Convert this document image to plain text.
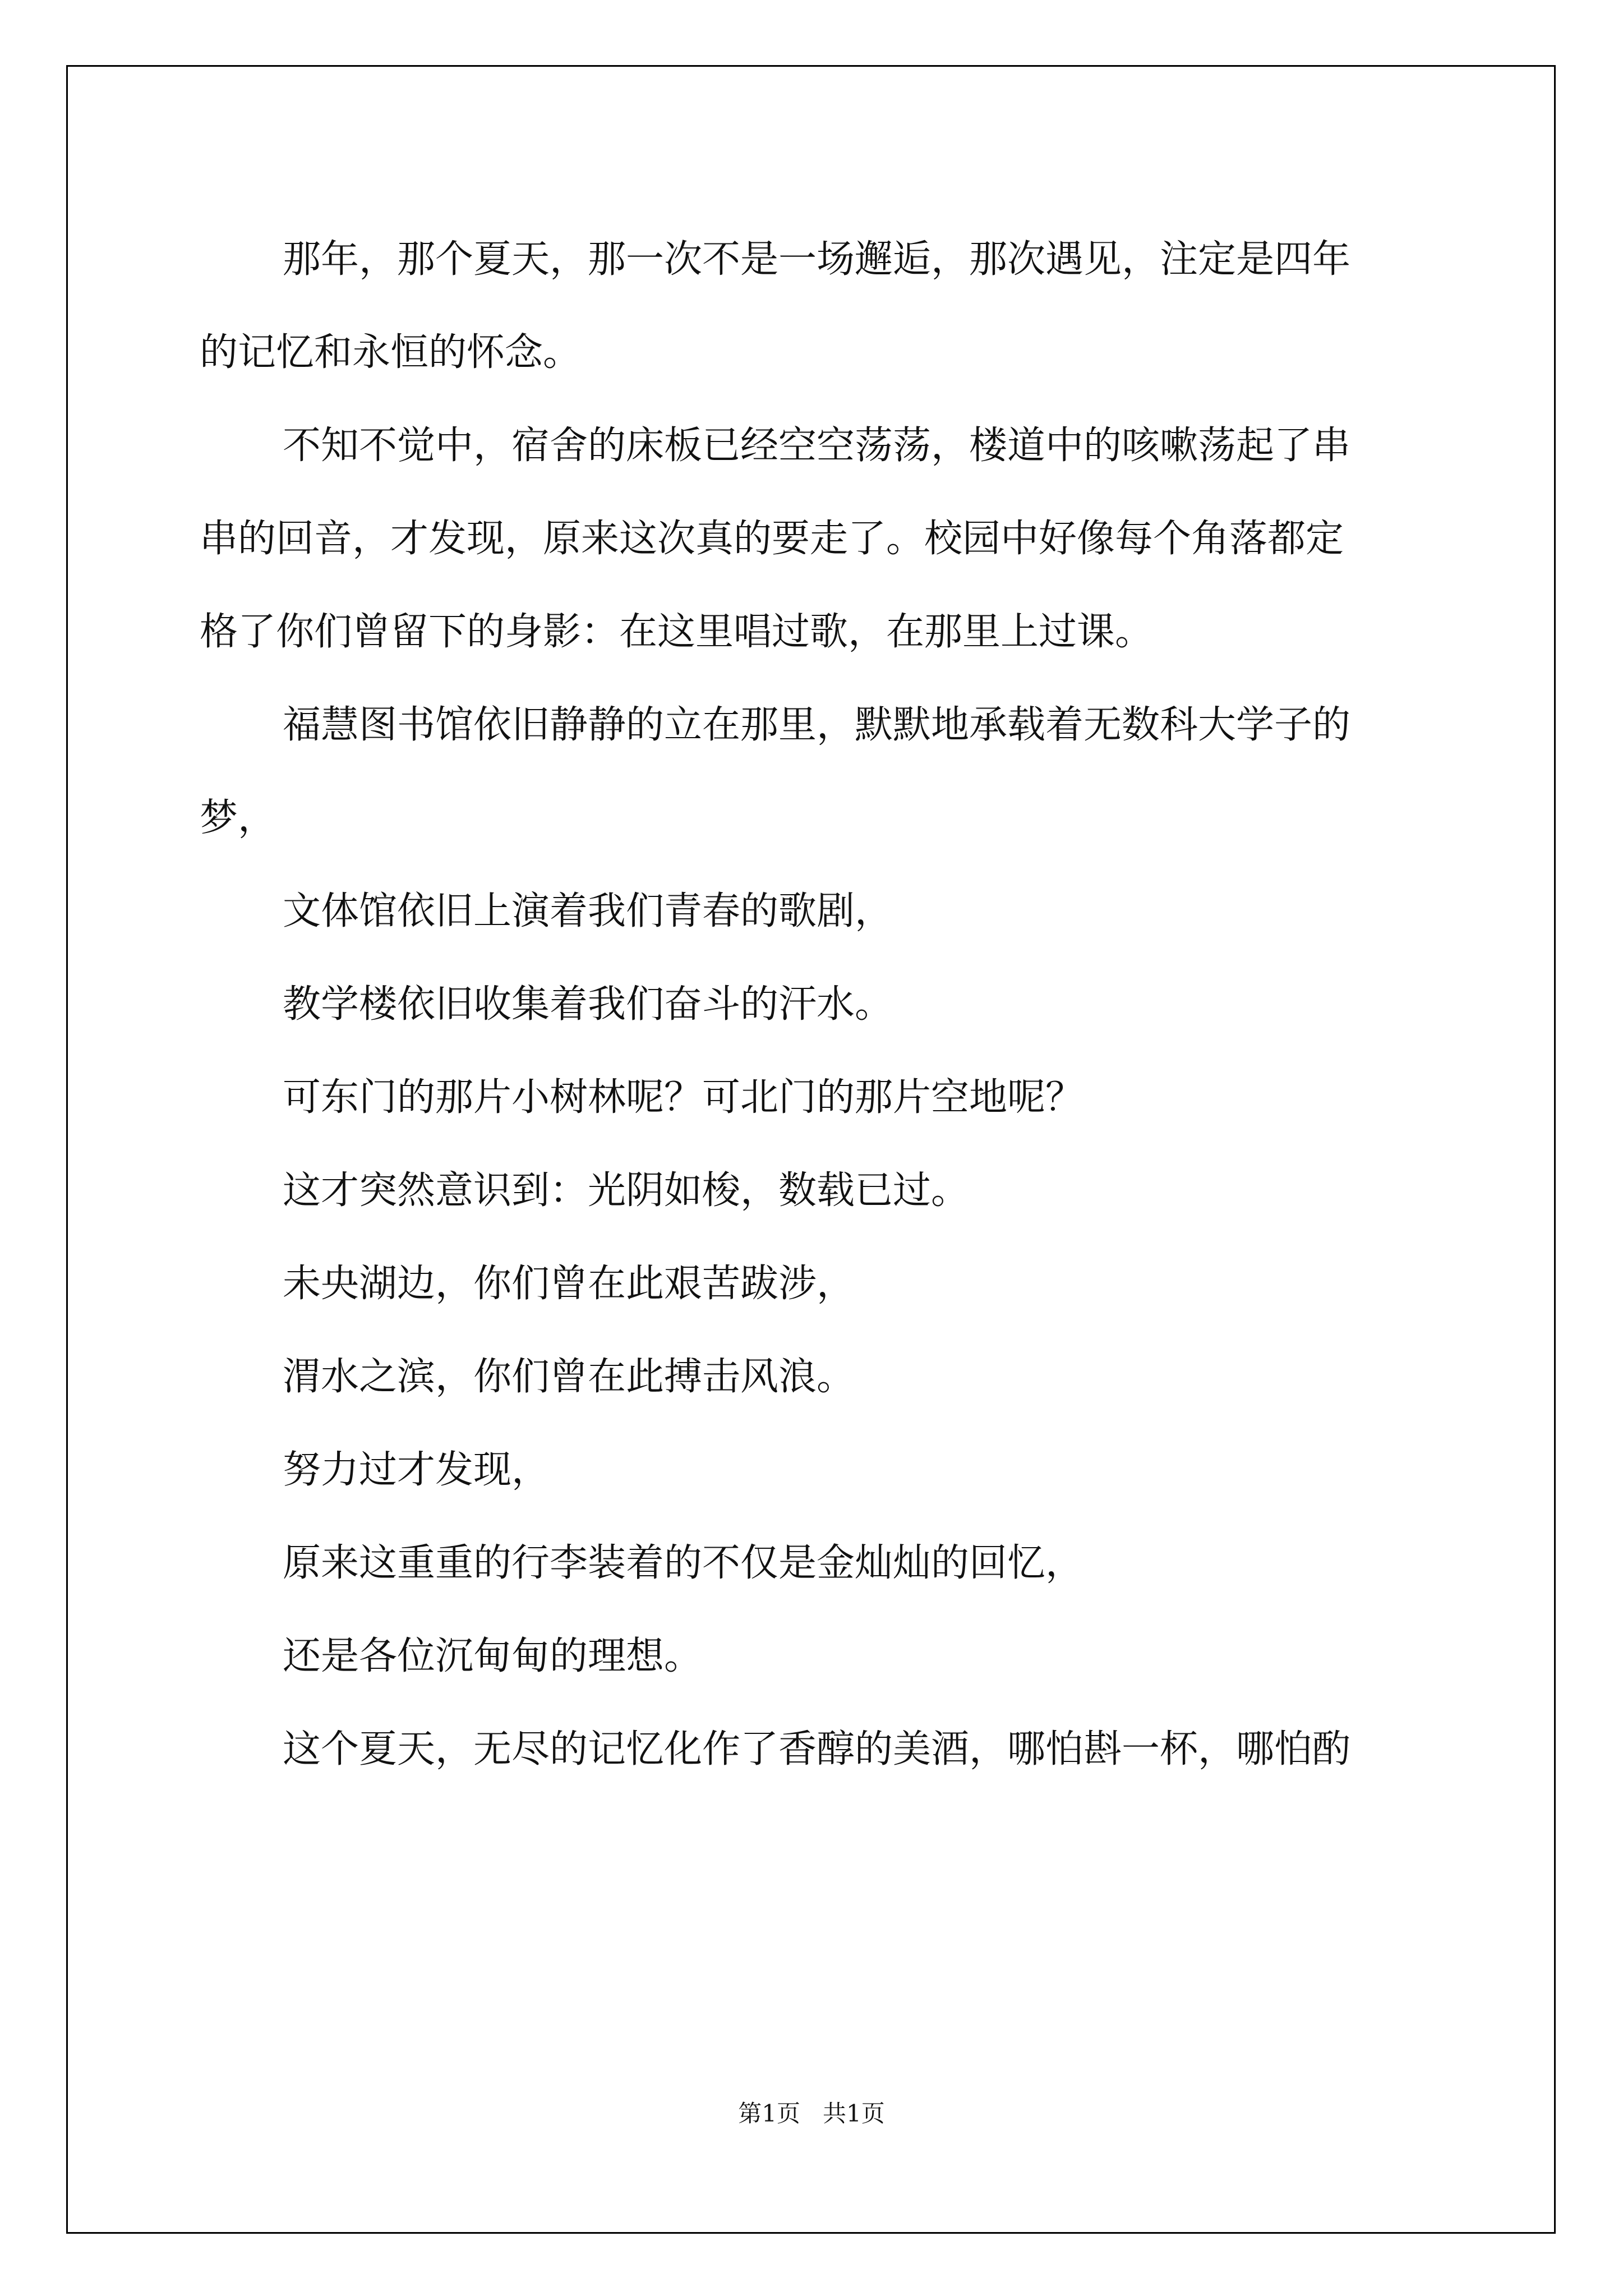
那年，那个夏天，那一次不是一场邂逅，那次遇见，注定是四年
的记忆和永恒的怀念。
不知不觉中，宿舍的床板已经空空荡荡，楼道中的咳嗽荡起了串
串的回音，才发现，原来这次真的要走了。校园中好像每个角落都定
格了你们曾留下的身影：在这里唱过歌，在那里上过课。
福慧图书馆依旧静静的立在那里，默默地承载着无数科大学子的
梦，
文体馆依旧上演着我们青春的歌剧，
教学楼依旧收集着我们奋斗的汗水。
可东门的那片小树林呢？可北门的那片空地呢？
这才突然意识到：光阴如梭，数载已过。
未央湖边，你们曾在此艰苦跋涉，
渭水之滨，你们曾在此搏击风浪。
努力过才发现，
原来这重重的行李装着的不仅是金灿灿的回忆，
还是各位沉甸甸的理想。
这个夏天，无尽的记忆化作了香醇的美酒，哪怕斟一杯，哪怕酌
第1页 共1页
